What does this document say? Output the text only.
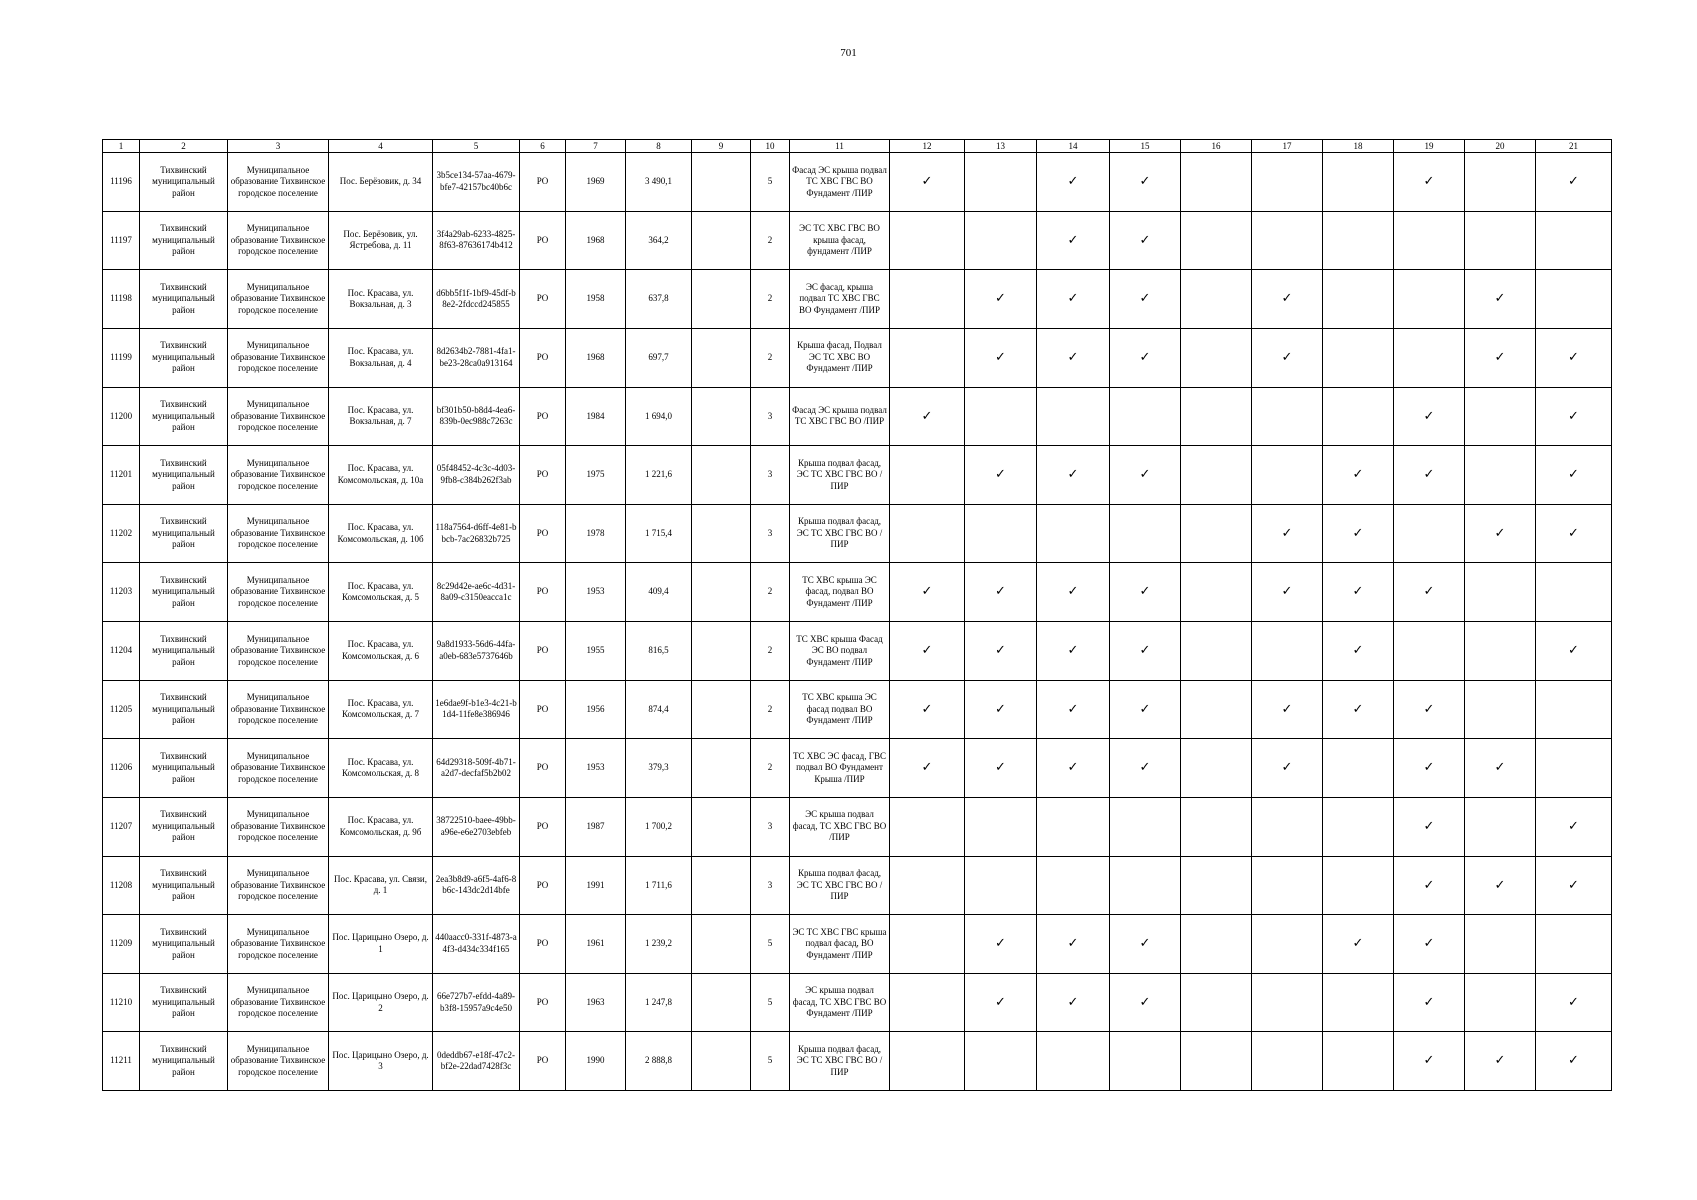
701
1	2	3	4	5	6	7	8	9	10	11	12	13	14	15	16	17	18	19	20	21
11196	Тихвинский муниципальный район	Муниципальное образование Тихвинское городское поселение	Пос. Берёзовик, д. 34	3b5ce134-57aa-4679-bfe7-42157bc40b6c	РО	1969	3 490,1		5	Фасад ЭС крыша подвал ТС ХВС ГВС ВО Фундамент /ПИР	✓		✓	✓				✓		✓
11197	Тихвинский муниципальный район	Муниципальное образование Тихвинское городское поселение	Пос. Берёзовик, ул. Ястребова, д. 11	3f4a29ab-6233-4825-8f63-87636174b412	РО	1968	364,2		2	ЭС ТС ХВС ГВС ВО крыша фасад, фундамент /ПИР			✓	✓						
11198	Тихвинский муниципальный район	Муниципальное образование Тихвинское городское поселение	Пос. Красава, ул. Вокзальная, д. 3	d6bb5f1f-1bf9-45df-b8e2-2fdccd245855	РО	1958	637,8		2	ЭС фасад, крыша подвал ТС ХВС ГВС ВО Фундамент /ПИР		✓	✓	✓		✓			✓	
11199	Тихвинский муниципальный район	Муниципальное образование Тихвинское городское поселение	Пос. Красава, ул. Вокзальная, д. 4	8d2634b2-7881-4fa1-be23-28ca0a913164	РО	1968	697,7		2	Крыша фасад, Подвал ЭС ТС ХВС ВО Фундамент /ПИР		✓	✓	✓		✓			✓	✓
11200	Тихвинский муниципальный район	Муниципальное образование Тихвинское городское поселение	Пос. Красава, ул. Вокзальная, д. 7	bf301b50-b8d4-4ea6-839b-0ec988c7263c	РО	1984	1 694,0		3	Фасад ЭС крыша подвал ТС ХВС ГВС ВО /ПИР	✓							✓		✓
11201	Тихвинский муниципальный район	Муниципальное образование Тихвинское городское поселение	Пос. Красава, ул. Комсомольская, д. 10а	05f48452-4c3c-4d03-9fb8-c384b262f3ab	РО	1975	1 221,6		3	Крыша подвал фасад, ЭС ТС ХВС ГВС ВО /ПИР		✓	✓	✓			✓	✓		✓
11202	Тихвинский муниципальный район	Муниципальное образование Тихвинское городское поселение	Пос. Красава, ул. Комсомольская, д. 10б	118a7564-d6ff-4e81-bbcb-7ac26832b725	РО	1978	1 715,4		3	Крыша подвал фасад, ЭС ТС ХВС ГВС ВО /ПИР						✓	✓		✓	✓
11203	Тихвинский муниципальный район	Муниципальное образование Тихвинское городское поселение	Пос. Красава, ул. Комсомольская, д. 5	8c29d42e-ae6c-4d31-8a09-c3150eacca1c	РО	1953	409,4		2	ТС ХВС крыша ЭС фасад, подвал ВО Фундамент /ПИР	✓	✓	✓	✓		✓	✓	✓		
11204	Тихвинский муниципальный район	Муниципальное образование Тихвинское городское поселение	Пос. Красава, ул. Комсомольская, д. 6	9a8d1933-56d6-44fa-a0eb-683e5737646b	РО	1955	816,5		2	ТС ХВС крыша Фасад ЭС ВО подвал Фундамент /ПИР	✓	✓	✓	✓			✓			✓
11205	Тихвинский муниципальный район	Муниципальное образование Тихвинское городское поселение	Пос. Красава, ул. Комсомольская, д. 7	1e6dae9f-b1e3-4c21-b1d4-11fe8e386946	РО	1956	874,4		2	ТС ХВС крыша ЭС фасад подвал ВО Фундамент /ПИР	✓	✓	✓	✓		✓	✓	✓		
11206	Тихвинский муниципальный район	Муниципальное образование Тихвинское городское поселение	Пос. Красава, ул. Комсомольская, д. 8	64d29318-509f-4b71-a2d7-decfaf5b2b02	РО	1953	379,3		2	ТС ХВС ЭС фасад, ГВС подвал ВО Фундамент Крыша /ПИР	✓	✓	✓	✓		✓		✓	✓	
11207	Тихвинский муниципальный район	Муниципальное образование Тихвинское городское поселение	Пос. Красава, ул. Комсомольская, д. 9б	38722510-baee-49bb-a96e-e6e2703ebfeb	РО	1987	1 700,2		3	ЭС крыша подвал фасад, ТС ХВС ГВС ВО /ПИР								✓		✓
11208	Тихвинский муниципальный район	Муниципальное образование Тихвинское городское поселение	Пос. Красава, ул. Связи, д. 1	2ea3b8d9-a6f5-4af6-8b6c-143dc2d14bfe	РО	1991	1 711,6		3	Крыша подвал фасад, ЭС ТС ХВС ГВС ВО /ПИР								✓	✓	✓
11209	Тихвинский муниципальный район	Муниципальное образование Тихвинское городское поселение	Пос. Царицыно Озеро, д. 1	440aacc0-331f-4873-a4f3-d434c334f165	РО	1961	1 239,2		5	ЭС ТС ХВС ГВС крыша подвал фасад, ВО Фундамент /ПИР		✓	✓	✓			✓	✓		
11210	Тихвинский муниципальный район	Муниципальное образование Тихвинское городское поселение	Пос. Царицыно Озеро, д. 2	66e727b7-efdd-4a89-b3f8-15957a9c4e50	РО	1963	1 247,8		5	ЭС крыша подвал фасад, ТС ХВС ГВС ВО Фундамент /ПИР		✓	✓	✓				✓		✓
11211	Тихвинский муниципальный район	Муниципальное образование Тихвинское городское поселение	Пос. Царицыно Озеро, д. 3	0deddb67-e18f-47c2-bf2e-22dad7428f3c	РО	1990	2 888,8		5	Крыша подвал фасад, ЭС ТС ХВС ГВС ВО /ПИР								✓	✓	✓
